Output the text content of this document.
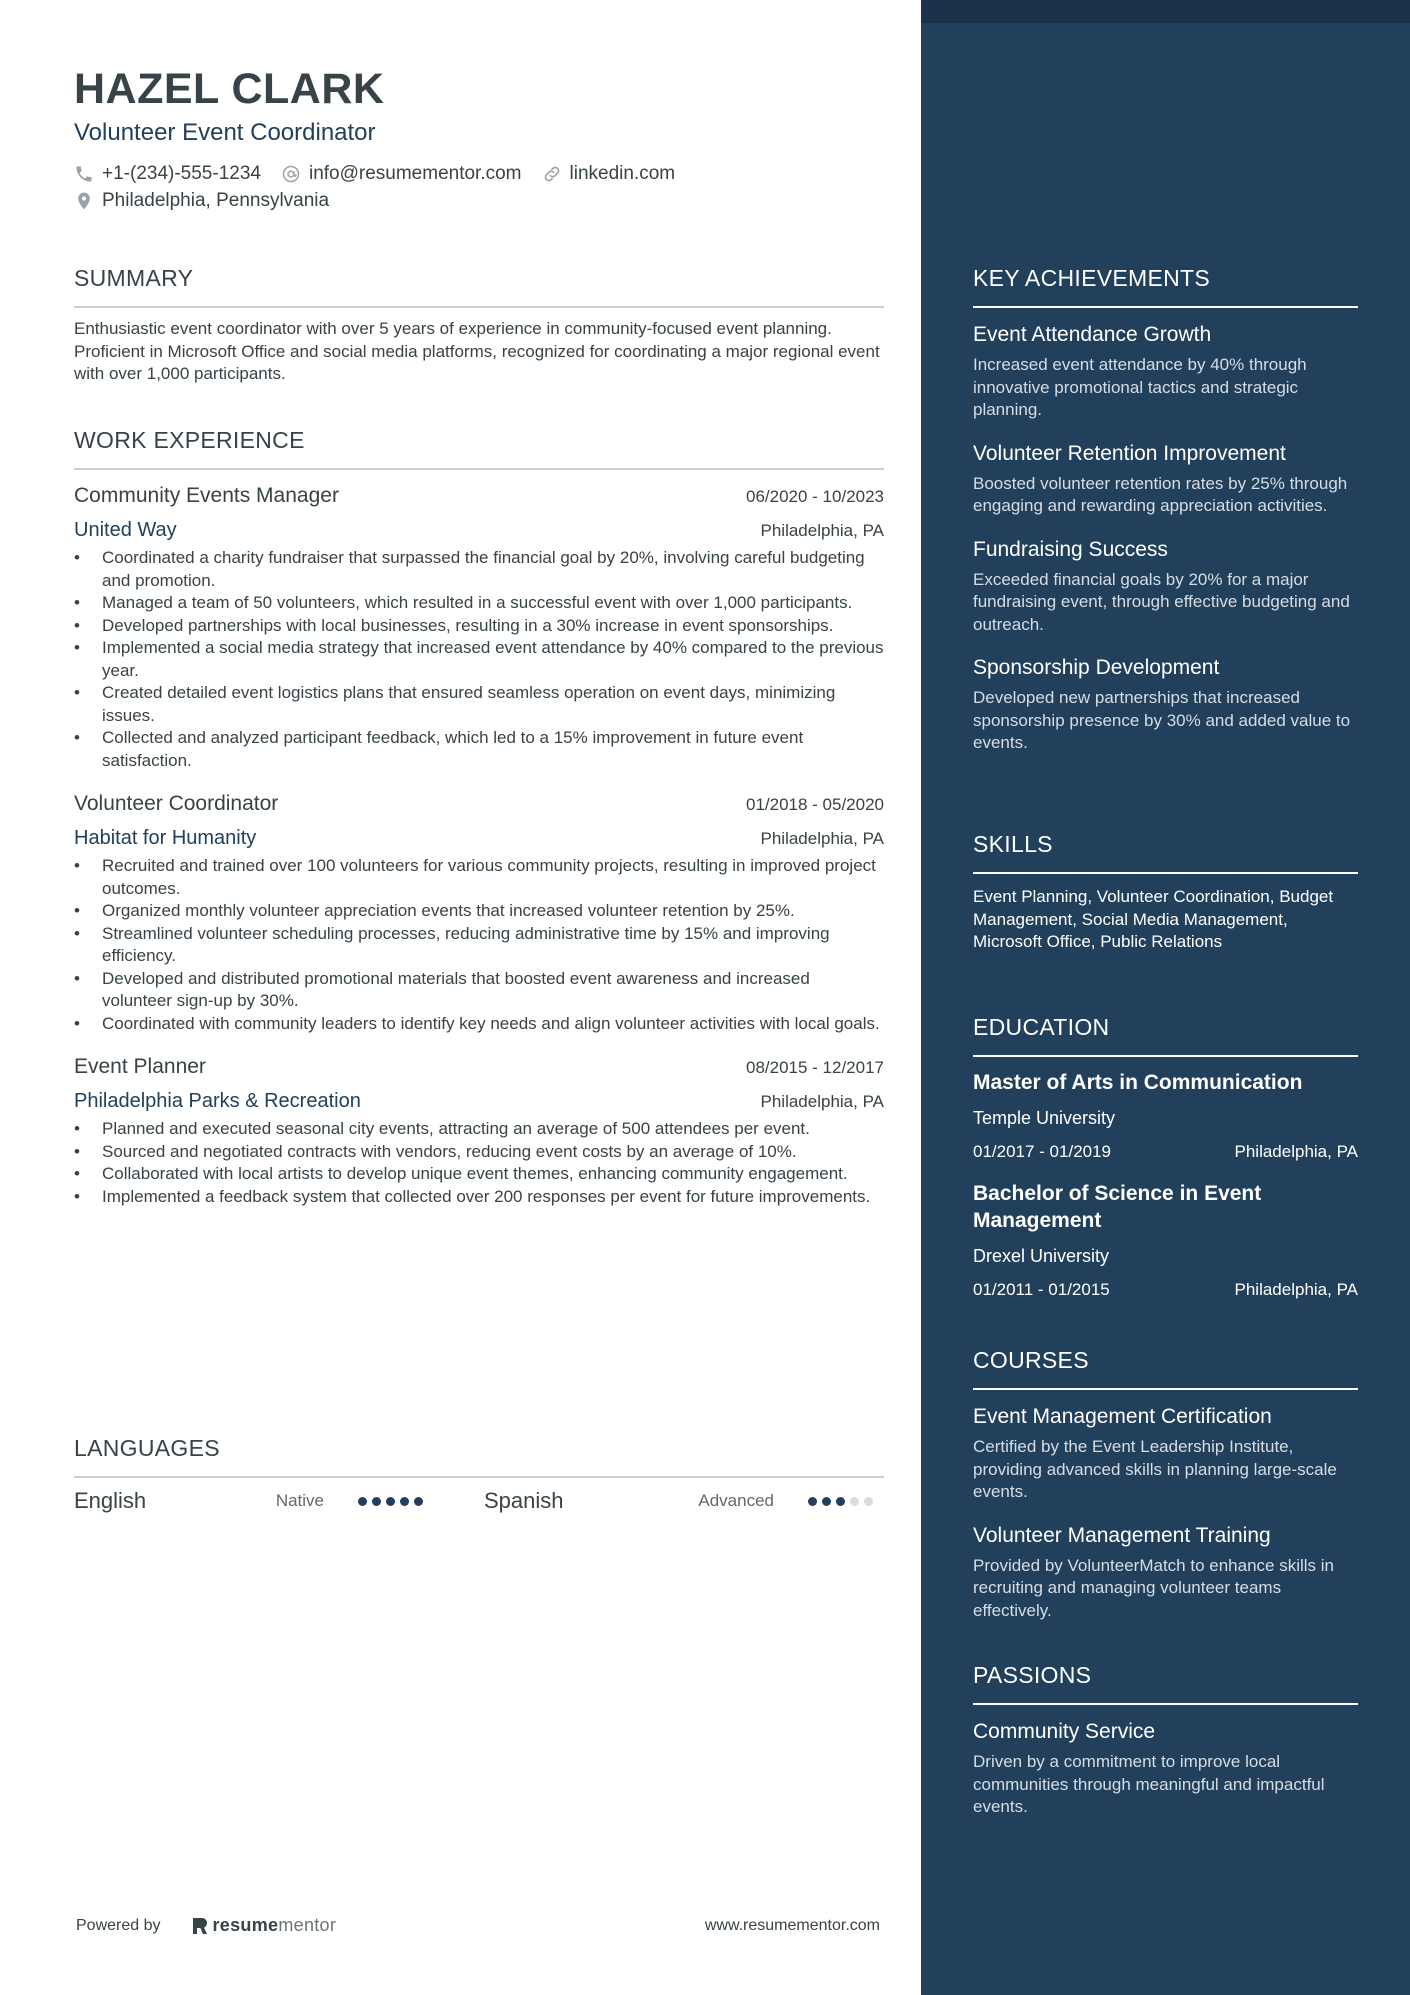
HAZEL CLARK
Volunteer Event Coordinator
+1-(234)-555-1234	info@resumementor.com	linkedin.com
Philadelphia, Pennsylvania
SUMMARY
Enthusiastic event coordinator with over 5 years of experience in community-focused event planning. Proficient in Microsoft Office and social media platforms, recognized for coordinating a major regional event with over 1,000 participants.
WORK EXPERIENCE
Community Events Manager	06/2020 - 10/2023
United Way	Philadelphia, PA
• Coordinated a charity fundraiser that surpassed the financial goal by 20%, involving careful budgeting and promotion.
• Managed a team of 50 volunteers, which resulted in a successful event with over 1,000 participants.
• Developed partnerships with local businesses, resulting in a 30% increase in event sponsorships.
• Implemented a social media strategy that increased event attendance by 40% compared to the previous year.
• Created detailed event logistics plans that ensured seamless operation on event days, minimizing issues.
• Collected and analyzed participant feedback, which led to a 15% improvement in future event satisfaction.
Volunteer Coordinator	01/2018 - 05/2020
Habitat for Humanity	Philadelphia, PA
• Recruited and trained over 100 volunteers for various community projects, resulting in improved project outcomes.
• Organized monthly volunteer appreciation events that increased volunteer retention by 25%.
• Streamlined volunteer scheduling processes, reducing administrative time by 15% and improving efficiency.
• Developed and distributed promotional materials that boosted event awareness and increased volunteer sign-up by 30%.
• Coordinated with community leaders to identify key needs and align volunteer activities with local goals.
Event Planner	08/2015 - 12/2017
Philadelphia Parks & Recreation	Philadelphia, PA
• Planned and executed seasonal city events, attracting an average of 500 attendees per event.
• Sourced and negotiated contracts with vendors, reducing event costs by an average of 10%.
• Collaborated with local artists to develop unique event themes, enhancing community engagement.
• Implemented a feedback system that collected over 200 responses per event for future improvements.
LANGUAGES
English	Native	Spanish	Advanced
Powered by	resume mentor	www.resumementor.com
KEY ACHIEVEMENTS
Event Attendance Growth
Increased event attendance by 40% through innovative promotional tactics and strategic planning.
Volunteer Retention Improvement
Boosted volunteer retention rates by 25% through engaging and rewarding appreciation activities.
Fundraising Success
Exceeded financial goals by 20% for a major fundraising event, through effective budgeting and outreach.
Sponsorship Development
Developed new partnerships that increased sponsorship presence by 30% and added value to events.
SKILLS
Event Planning, Volunteer Coordination, Budget Management, Social Media Management, Microsoft Office, Public Relations
EDUCATION
Master of Arts in Communication
Temple University
01/2017 - 01/2019	Philadelphia, PA
Bachelor of Science in Event Management
Drexel University
01/2011 - 01/2015	Philadelphia, PA
COURSES
Event Management Certification
Certified by the Event Leadership Institute, providing advanced skills in planning large-scale events.
Volunteer Management Training
Provided by VolunteerMatch to enhance skills in recruiting and managing volunteer teams effectively.
PASSIONS
Community Service
Driven by a commitment to improve local communities through meaningful and impactful events.
